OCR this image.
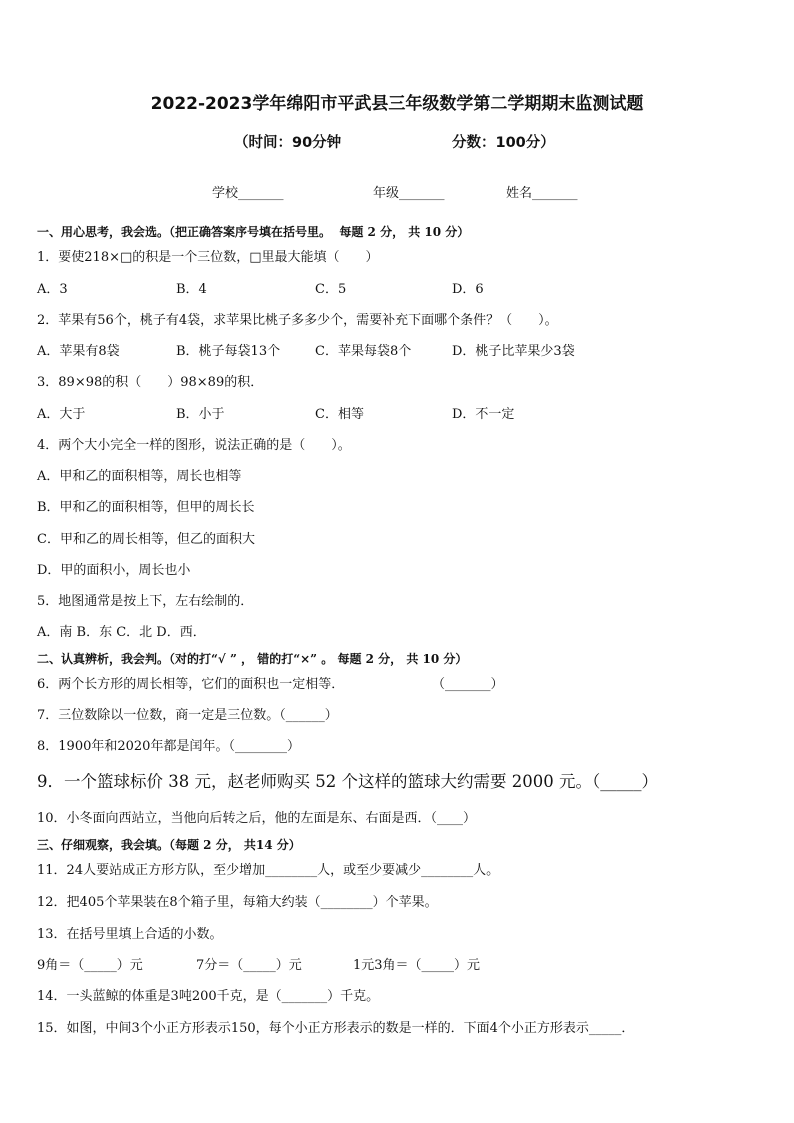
2022-2023学年绵阳市平武县三年级数学第二学期期末监测试题
（时间：90分钟	分数：100分）
学校_______	年级_______	姓名_______
一、用心思考，我会选。（把正确答案序号填在括号里。  每题 2 分， 共 10 分）
1．要使218×□的积是一个三位数，□里最大能填（　　）
A．3	B．4	C．5	D．6
2．苹果有56个，桃子有4袋，求苹果比桃子多多少个，需要补充下面哪个条件？（　　）。
A．苹果有8袋	B．桃子每袋13个	C．苹果每袋8个	D．桃子比苹果少3袋
3．89×98的积（　　）98×89的积．
A．大于	B．小于	C．相等	D．不一定
4．两个大小完全一样的图形，说法正确的是（　　）。
A．甲和乙的面积相等，周长也相等
B．甲和乙的面积相等，但甲的周长长
C．甲和乙的周长相等，但乙的面积大
D．甲的面积小，周长也小
5．地图通常是按上下，左右绘制的．
A．南 B．东 C．北 D．西．
二、认真辨析，我会判。（对的打“√ ” ， 错的打“×” 。 每题 2 分， 共 10 分）
6．两个长方形的周长相等，它们的面积也一定相等．	（_______）
7．三位数除以一位数，商一定是三位数。（______）
8．1900年和2020年都是闰年。（________）
9．一个篮球标价 38 元，赵老师购买 52 个这样的篮球大约需要 2000 元。（_____）
10．小冬面向西站立，当他向后转之后，他的左面是东、右面是西．（____）
三、仔细观察，我会填。（每题 2 分， 共14 分）
11．24人要站成正方形方队，至少增加________人，或至少要减少________人。
12．把405个苹果装在8个箱子里，每箱大约装（________）个苹果。
13．在括号里填上合适的小数。
9角＝（_____）元	7分＝（_____）元	1元3角＝（_____）元
14．一头蓝鲸的体重是3吨200千克，是（_______）千克。
15．如图，中间3个小正方形表示150，每个小正方形表示的数是一样的．下面4个小正方形表示_____．
